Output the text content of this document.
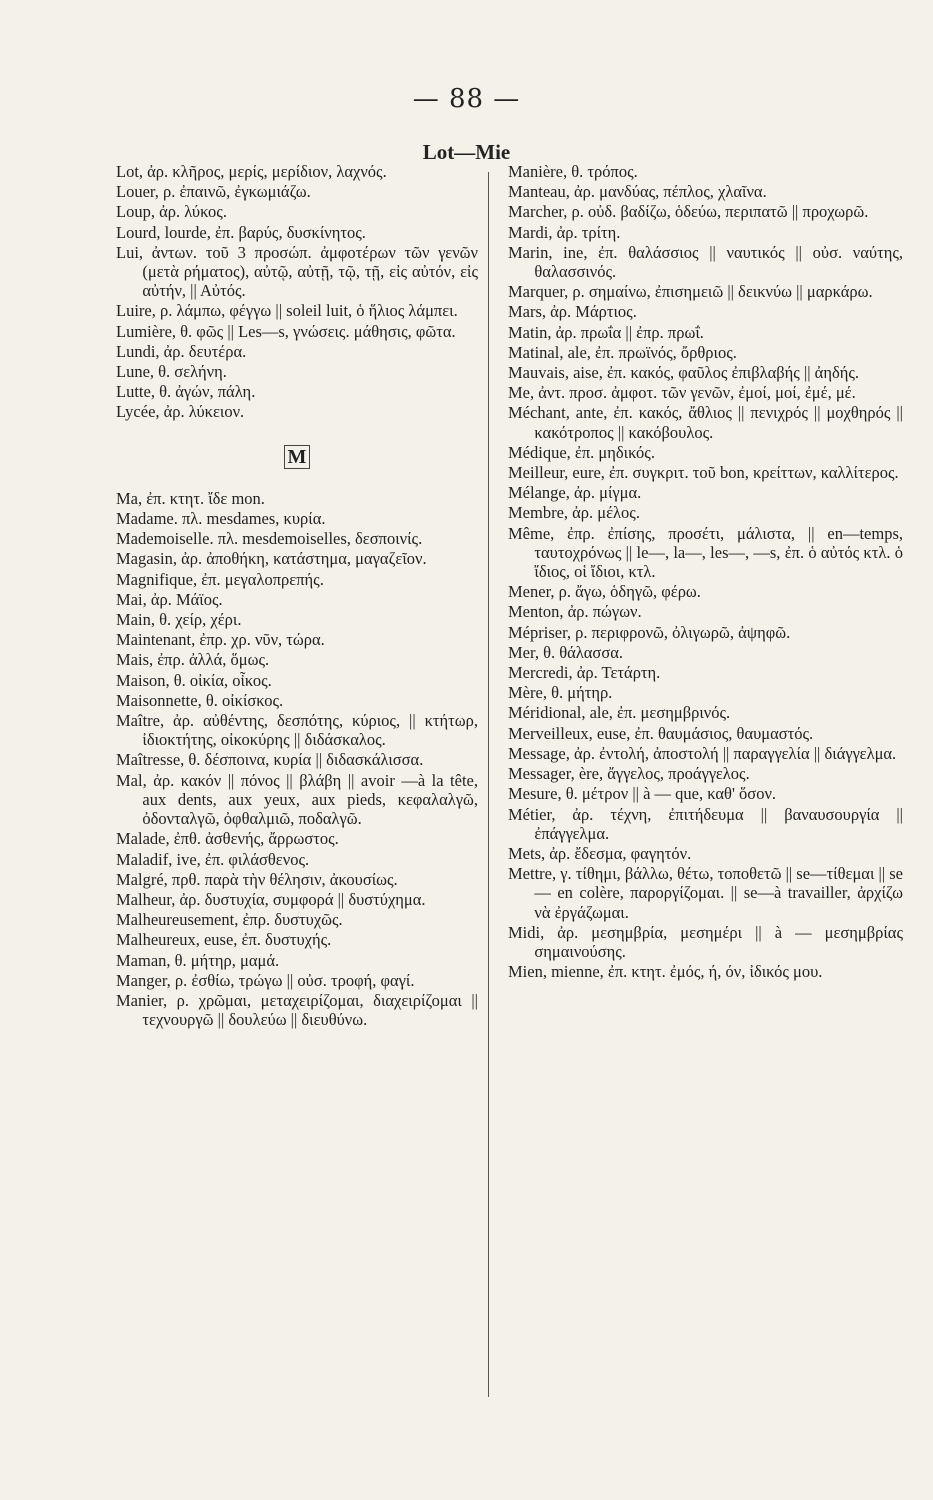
— 88 —
Lot—Mie

Lot, ἀρ. κλῆρος, μερίς, μερίδιον, λαχνός.

Louer, ρ. ἐπαινῶ, ἐγκωμιάζω.

Loup, ἀρ. λύκος.

Lourd, lourde, ἐπ. βαρύς, δυσκίνητος.

Lui, ἀντων. τοῦ 3 προσώπ. ἀμφοτέρων τῶν γενῶν (μετὰ ρήματος), αὐτῷ, αὐτῇ, τῷ, τῇ, εἰς αὐτόν, εἰς αὐτήν, || Αὐτός.

Luire, ρ. λάμπω, φέγγω || soleil luit, ὁ ἥλιος λάμπει.

Lumière, θ. φῶς || Les—s, γνώσεις. μάθησις, φῶτα.

Lundi, ἀρ. δευτέρα.

Lune, θ. σελήνη.

Lutte, θ. ἀγών, πάλη.

Lycée, ἀρ. λύκειον.

M

Ma, ἐπ. κτητ. ἴδε mon.

Madame. πλ. mesdames, κυρία.

Mademoiselle. πλ. mesdemoiselles, δεσποινίς.

Magasin, ἀρ. ἀποθήκη, κατάστημα, μαγαζεῖον.

Magnifique, ἐπ. μεγαλοπρεπής.

Mai, ἀρ. Μάϊος.

Main, θ. χείρ, χέρι.

Maintenant, ἐπρ. χρ. νῦν, τώρα.

Mais, ἐπρ. ἀλλά, ὅμως.

Maison, θ. οἰκία, οἶκος.

Maisonnette, θ. οἰκίσκος.

Maître, ἀρ. αὐθέντης, δεσπότης, κύριος, || κτήτωρ, ἰδιοκτήτης, οἰκοκύρης || διδάσκαλος.

Maîtresse, θ. δέσποινα, κυρία || διδασκάλισσα.

Mal, ἀρ. κακόν || πόνος || βλάβη || avoir —à la tête, aux dents, aux yeux, aux pieds, κεφαλαλγῶ, ὀδονταλγῶ, ὀφθαλμιῶ, ποδαλγῶ.

Malade, ἐπθ. ἀσθενής, ἄρρωστος.

Maladif, ive, ἐπ. φιλάσθενος.

Malgré, πρθ. παρὰ τὴν θέλησιν, ἀκουσίως.

Malheur, ἀρ. δυστυχία, συμφορά || δυστύχημα.

Malheureusement, ἐπρ. δυστυχῶς.

Malheureux, euse, ἐπ. δυστυχής.

Maman, θ. μήτηρ, μαμά.

Manger, ρ. ἐσθίω, τρώγω || οὐσ. τροφή, φαγί.

Manier, ρ. χρῶμαι, μεταχειρίζομαι, διαχειρίζομαι || τεχνουργῶ || δουλεύω || διευθύνω.

Manière, θ. τρόπος.

Manteau, ἀρ. μανδύας, πέπλος, χλαῖνα.

Marcher, ρ. οὐδ. βαδίζω, ὁδεύω, περιπατῶ || προχωρῶ.

Mardi, ἀρ. τρίτη.

Marin, ine, ἐπ. θαλάσσιος || ναυτικός || οὐσ. ναύτης, θαλασσινός.

Marquer, ρ. σημαίνω, ἐπισημειῶ || δεικνύω || μαρκάρω.

Mars, ἀρ. Μάρτιος.

Matin, ἀρ. πρωΐα || ἐπρ. πρωΐ.

Matinal, ale, ἐπ. πρωϊνός, ὄρθριος.

Mauvais, aise, ἐπ. κακός, φαῦλος ἐπιβλαβής || ἀηδής.

Me, ἀντ. προσ. ἀμφοτ. τῶν γενῶν, ἐμοί, μοί, ἐμέ, μέ.

Méchant, ante, ἐπ. κακός, ἄθλιος || πενιχρός || μοχθηρός || κακότροπος || κακόβουλος.

Médique, ἐπ. μηδικός.

Meilleur, eure, ἐπ. συγκριτ. τοῦ bon, κρείττων, καλλίτερος.

Mélange, ἀρ. μίγμα.

Membre, ἀρ. μέλος.

Même, ἐπρ. ἐπίσης, προσέτι, μάλιστα, || en—temps, ταυτοχρόνως || le—, la—, les—, —s, ἐπ. ὁ αὐτός κτλ. ὁ ἴδιος, οἱ ἴδιοι, κτλ.

Mener, ρ. ἄγω, ὁδηγῶ, φέρω.

Menton, ἀρ. πώγων.

Mépriser, ρ. περιφρονῶ, ὀλιγωρῶ, ἀψηφῶ.

Mer, θ. θάλασσα.

Mercredi, ἀρ. Τετάρτη.

Mère, θ. μήτηρ.

Méridional, ale, ἐπ. μεσημβρινός.

Merveilleux, euse, ἐπ. θαυμάσιος, θαυμαστός.

Message, ἀρ. ἐντολή, ἀποστολή || παραγγελία || διάγγελμα.

Messager, ère, ἄγγελος, προάγγελος.

Mesure, θ. μέτρον || à — que, καθ' ὅσον.

Métier, ἀρ. τέχνη, ἐπιτήδευμα || βαναυσουργία || ἐπάγγελμα.

Mets, ἀρ. ἔδεσμα, φαγητόν.

Mettre, γ. τίθημι, βάλλω, θέτω, τοποθετῶ || se—τίθεμαι || se— en colère, παροργίζομαι. || se—à travailler, ἀρχίζω νὰ ἐργάζωμαι.

Midi, ἀρ. μεσημβρία, μεσημέρι || à — μεσημβρίας σημαινούσης.

Mien, mienne, ἐπ. κτητ. ἐμός, ή, όν, ἰδικός μου.
